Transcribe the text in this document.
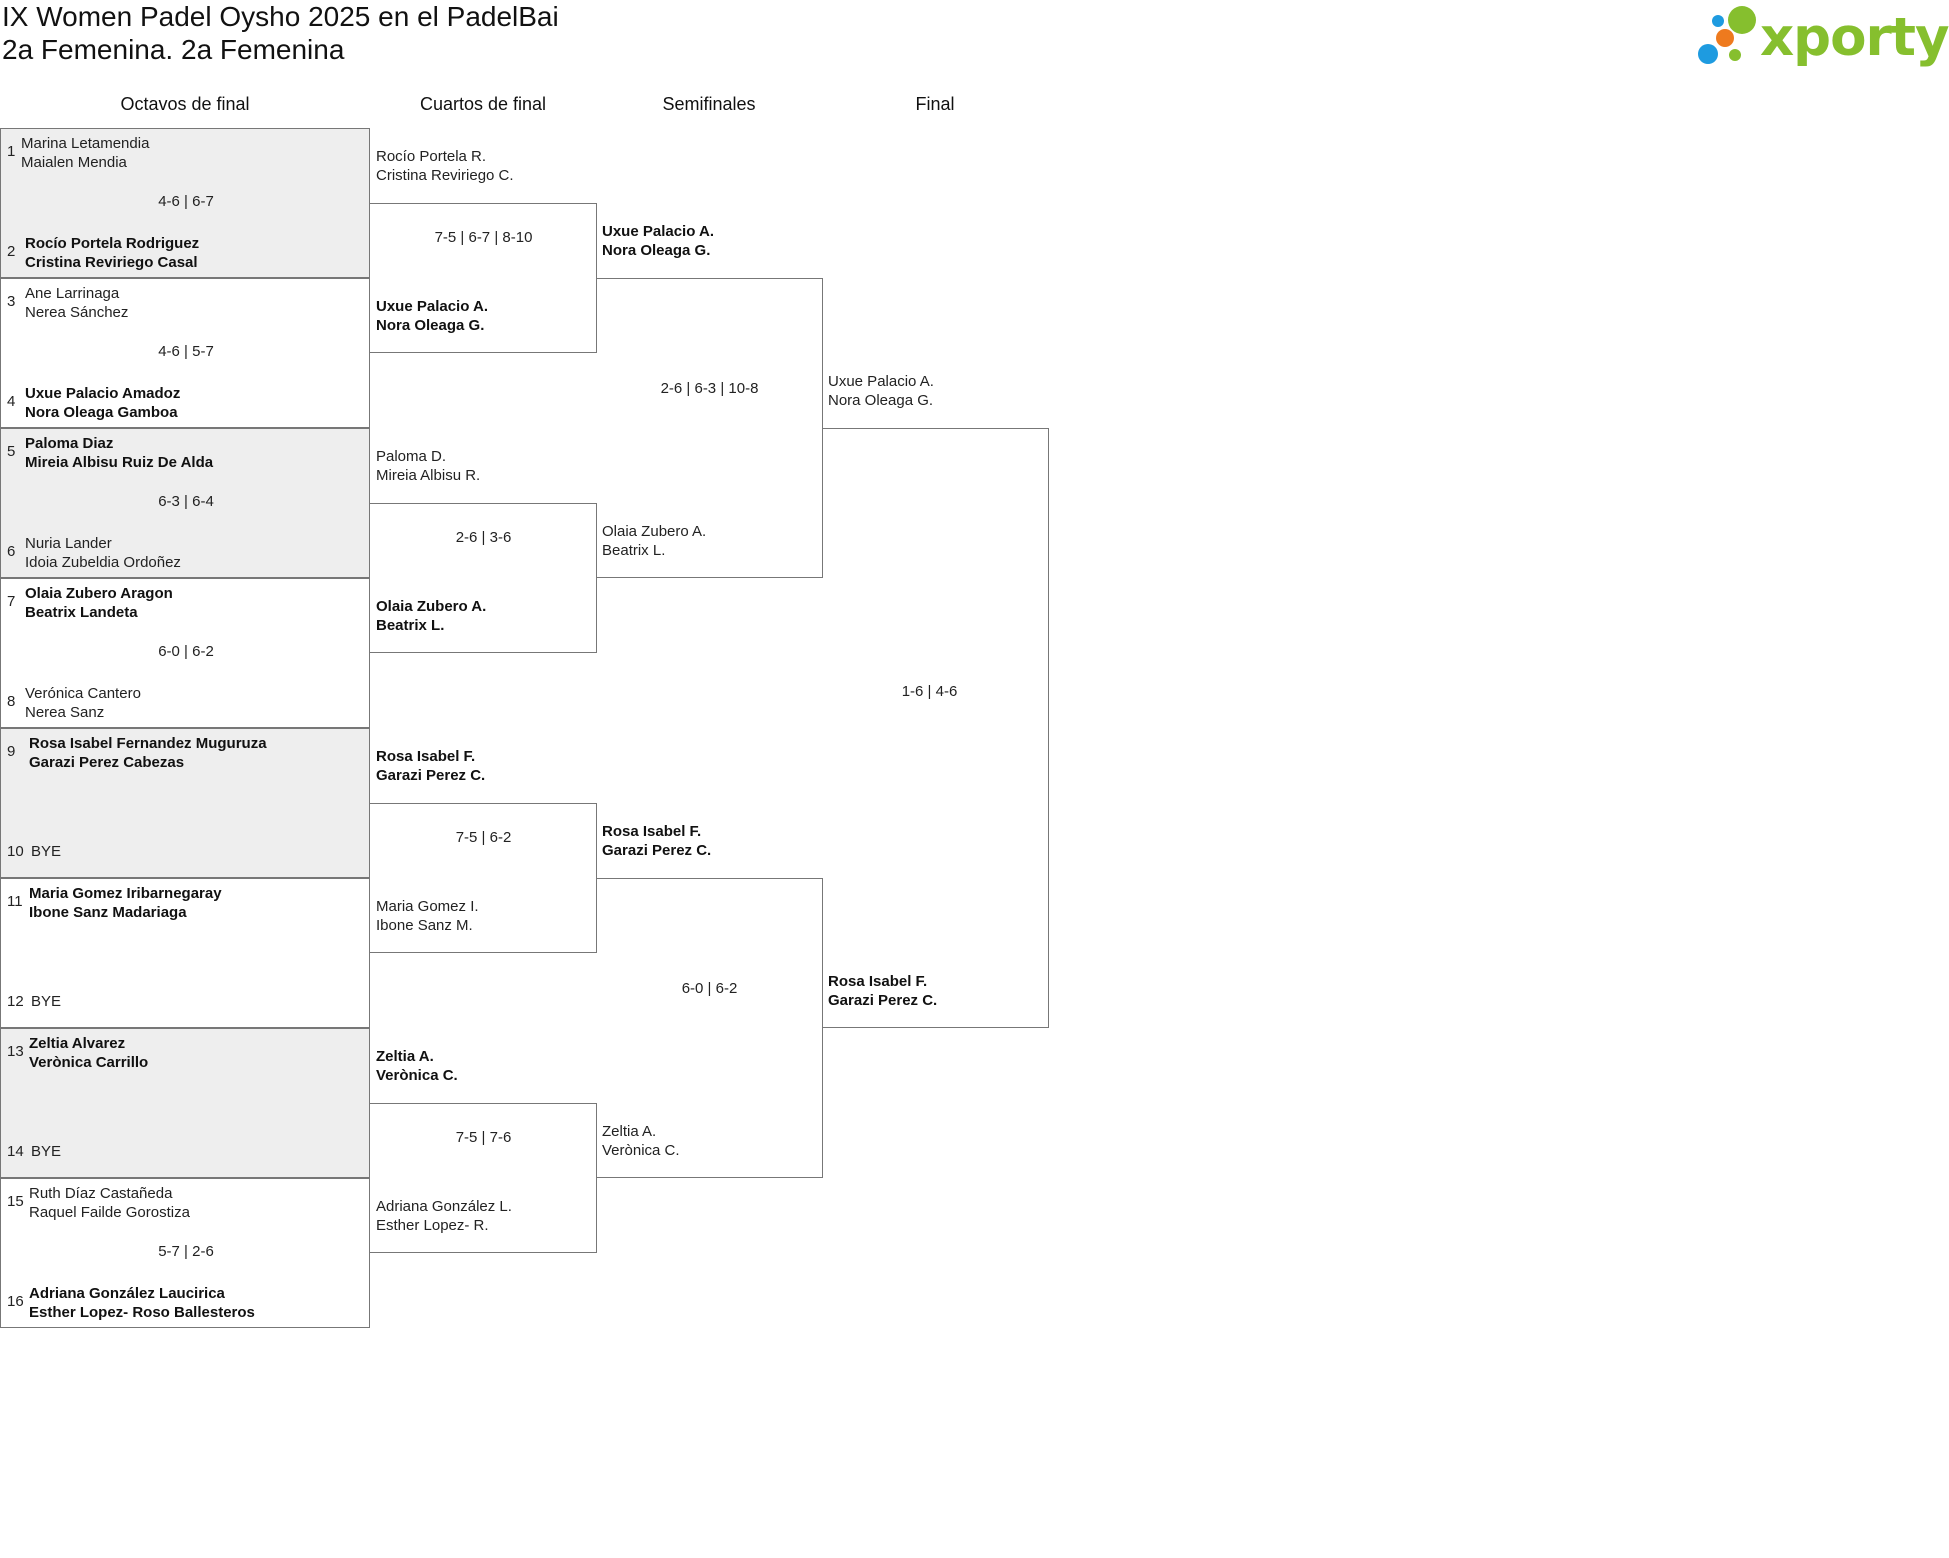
IX Women Padel Oysho 2025 en el PadelBai
2a Femenina. 2a Femenina	xporty
Octavos de final	Cuartos de final	Semifinales	Final
1 Marina Letamendia
Maialen Mendia
4-6 | 6-7
2 Rocío Portela Rodriguez
Cristina Reviriego Casal
3 Ane Larrinaga
Nerea Sánchez
4-6 | 5-7
4 Uxue Palacio Amadoz
Nora Oleaga Gamboa
5 Paloma Diaz
Mireia Albisu Ruiz De Alda
6-3 | 6-4
6 Nuria Lander
Idoia Zubeldia Ordoñez
7 Olaia Zubero Aragon
Beatrix Landeta
6-0 | 6-2
8 Verónica Cantero
Nerea Sanz
9 Rosa Isabel Fernandez Muguruza
Garazi Perez Cabezas
10 BYE
11 Maria Gomez Iribarnegaray
Ibone Sanz Madariaga
12 BYE
13 Zeltia Alvarez
Verònica Carrillo
14 BYE
15 Ruth Díaz Castañeda
Raquel Failde Gorostiza
5-7 | 2-6
16 Adriana González Laucirica
Esther Lopez- Roso Ballesteros
7-5 | 6-7 | 8-10
Rocío Portela R.
Cristina Reviriego C.
Uxue Palacio A.
Nora Oleaga G.
2-6 | 3-6
Paloma D.
Mireia Albisu R.
Olaia Zubero A.
Beatrix L.
7-5 | 6-2
Rosa Isabel F.
Garazi Perez C.
Maria Gomez I.
Ibone Sanz M.
7-5 | 7-6
Zeltia A.
Verònica C.
Adriana González L.
Esther Lopez- R.
2-6 | 6-3 | 10-8
Uxue Palacio A.
Nora Oleaga G.
Olaia Zubero A.
Beatrix L.
6-0 | 6-2
Rosa Isabel F.
Garazi Perez C.
Zeltia A.
Verònica C.
1-6 | 4-6
Uxue Palacio A.
Nora Oleaga G.
Rosa Isabel F.
Garazi Perez C.
